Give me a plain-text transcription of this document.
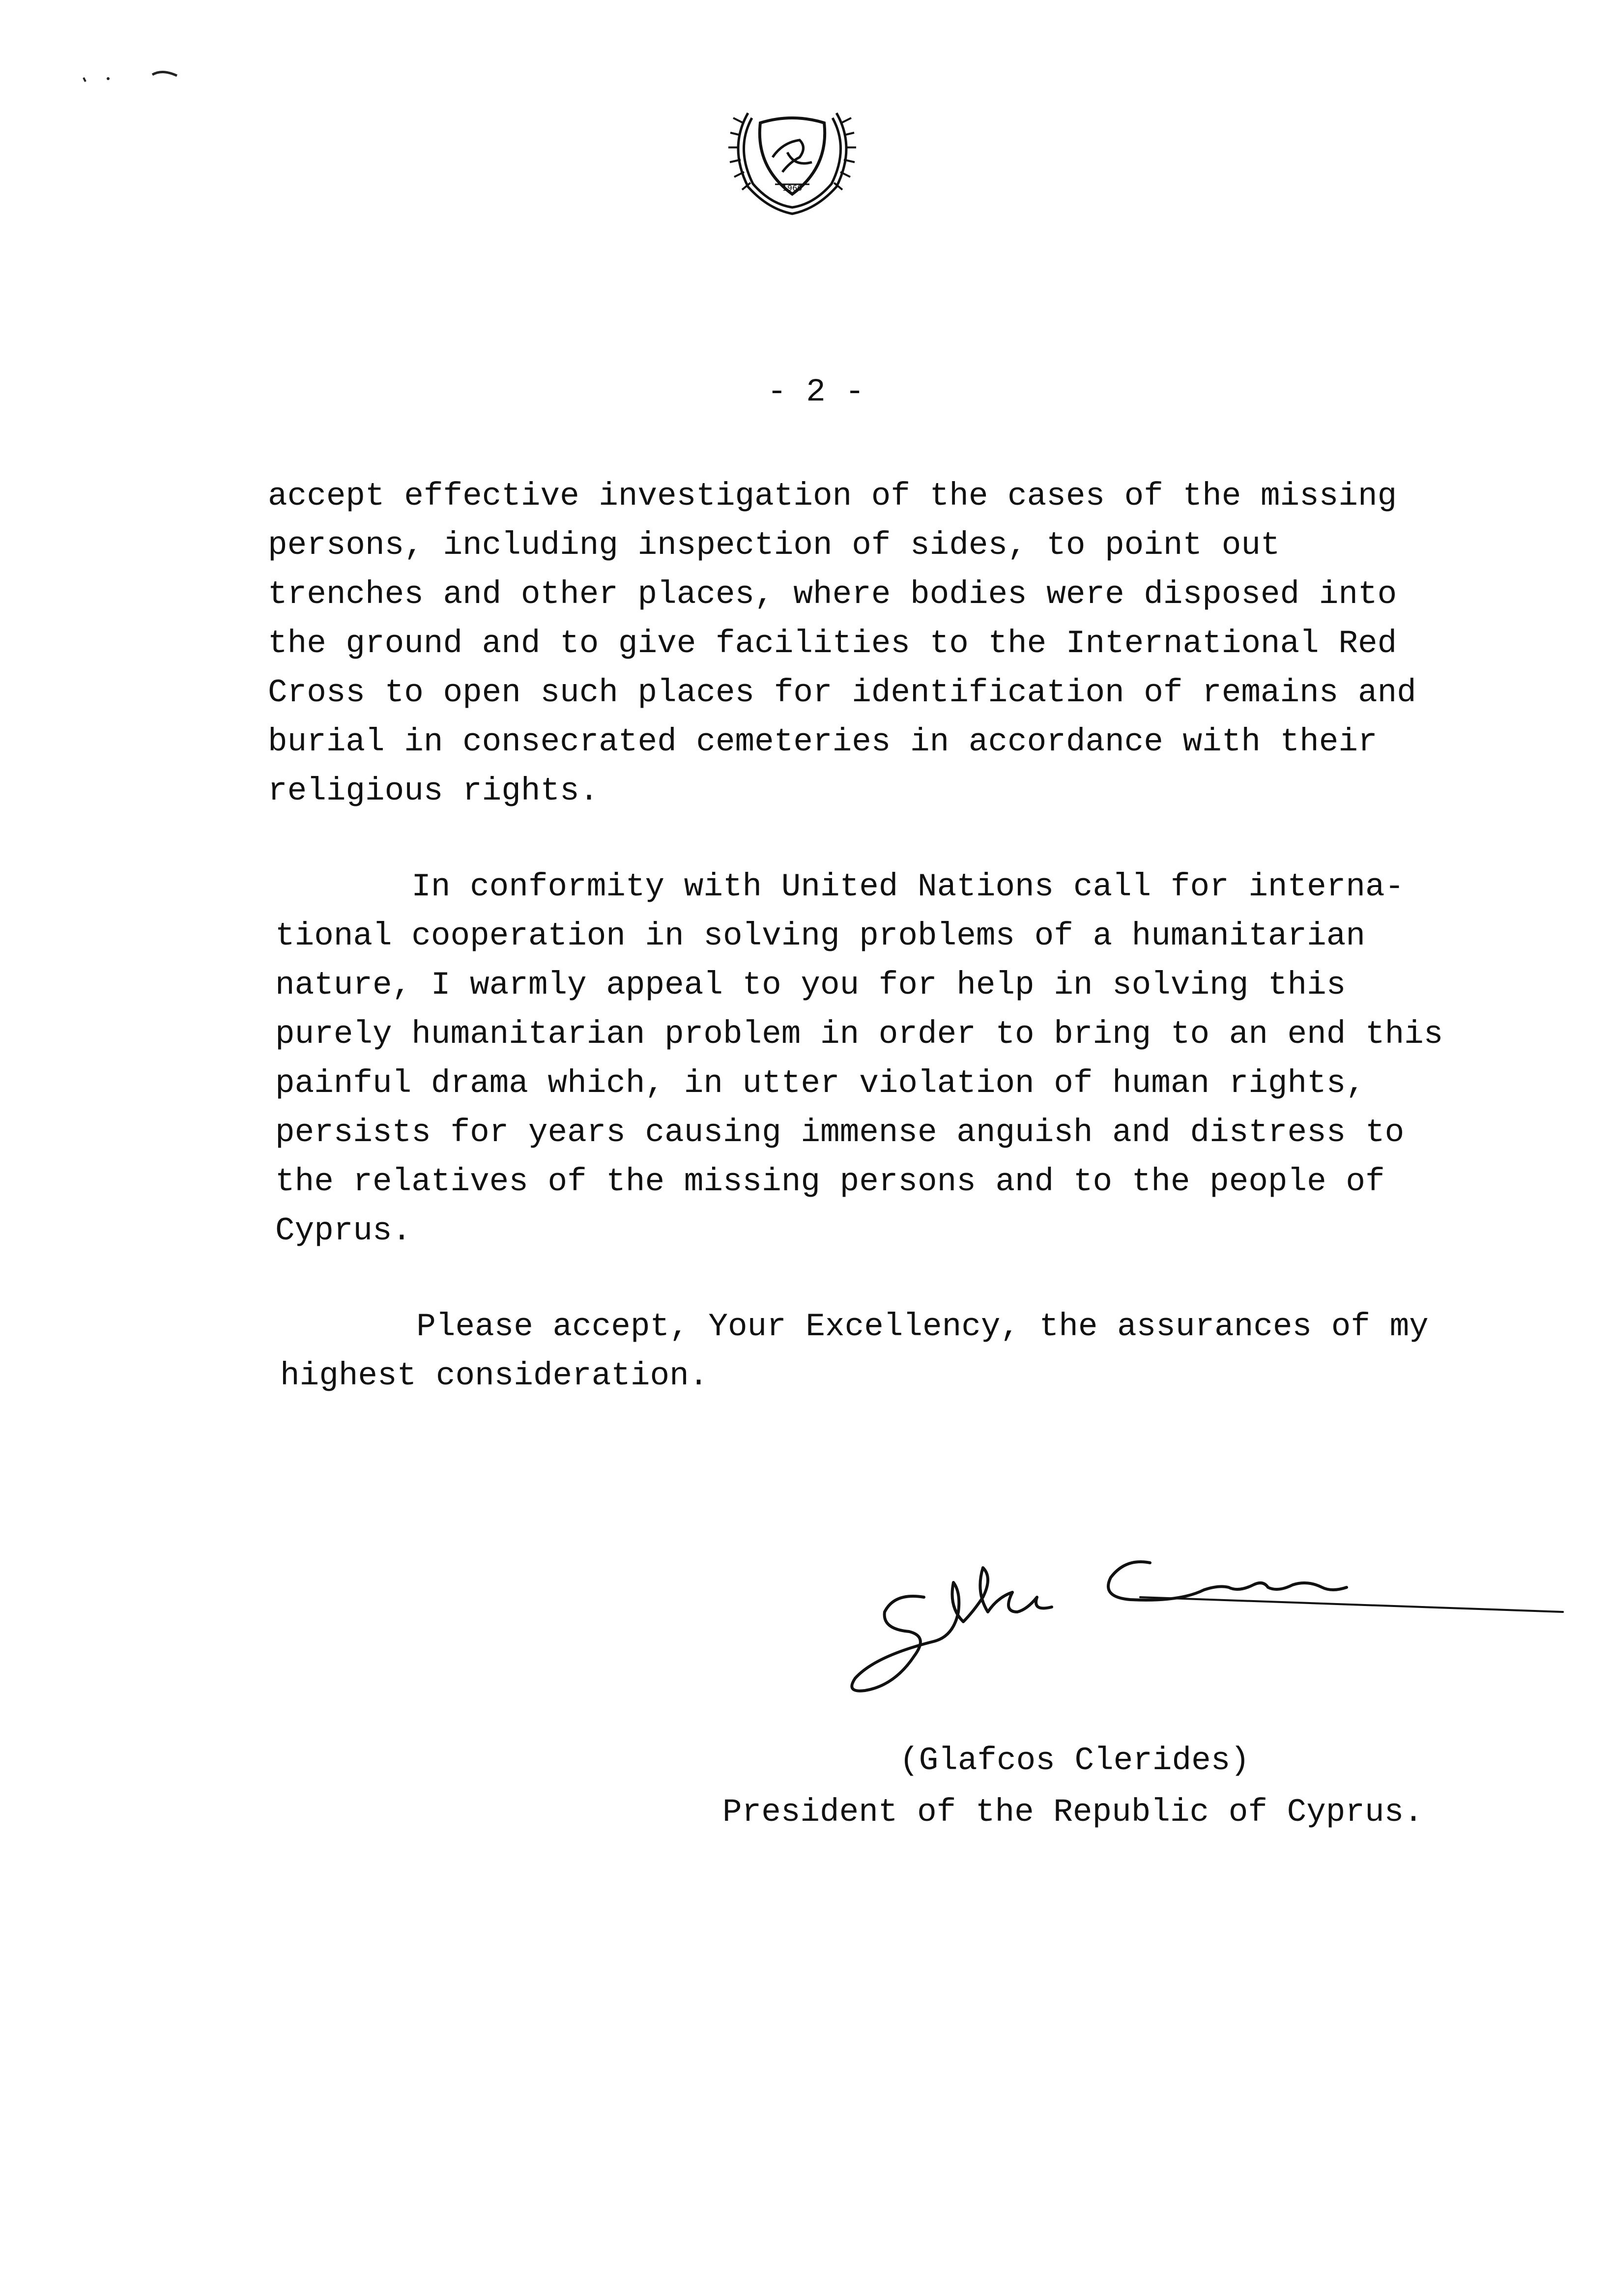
1960
- 2 -
accept effective investigation of the cases of the missing
persons, including inspection of sides, to point out
trenches and other places, where bodies were disposed into
the ground and to give facilities to the International Red
Cross to open such places for identification of remains and
burial in consecrated cemeteries in accordance with their
religious rights.
In conformity with United Nations call for interna-
tional cooperation in solving problems of a humanitarian
nature, I warmly appeal to you for help in solving this
purely humanitarian problem in order to bring to an end this
painful drama which, in utter violation of human rights,
persists for years causing immense anguish and distress to
the relatives of the missing persons and to the people of
Cyprus.
Please accept, Your Excellency, the assurances of my
highest consideration.
(Glafcos Clerides)
President of the Republic of Cyprus.
